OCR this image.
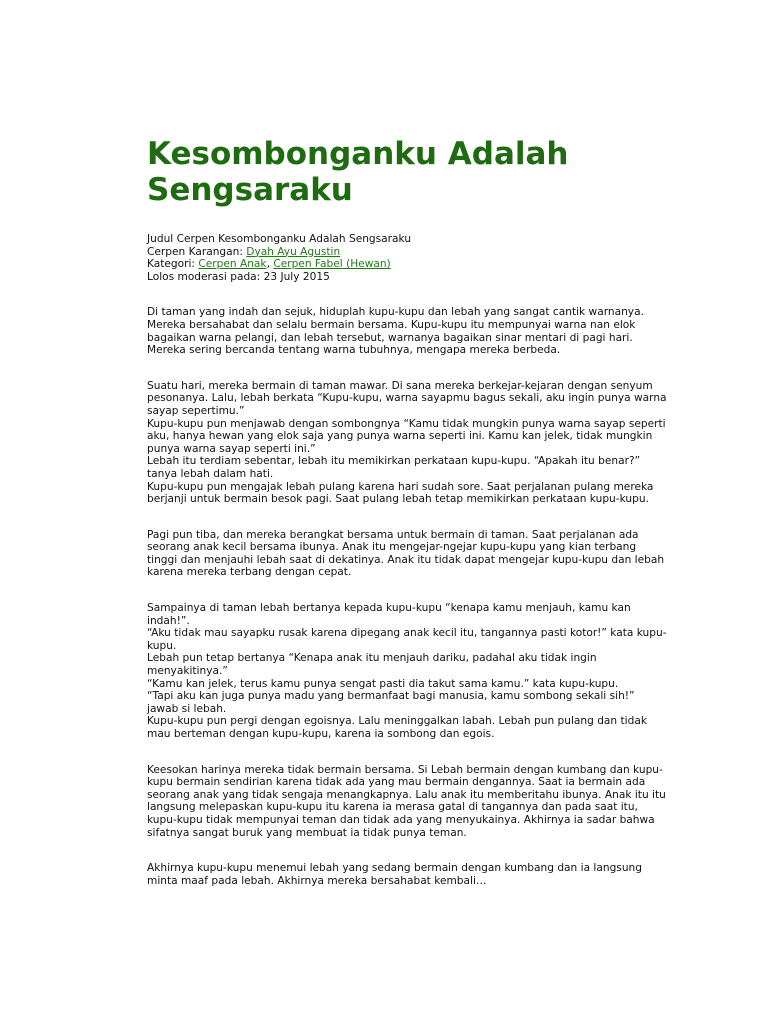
Kesombonganku Adalah Sengsaraku
Judul Cerpen Kesombonganku Adalah Sengsaraku
Cerpen Karangan: Dyah Ayu Agustin
Kategori: Cerpen Anak, Cerpen Fabel (Hewan)
Lolos moderasi pada: 23 July 2015

Di taman yang indah dan sejuk, hiduplah kupu-kupu dan lebah yang sangat cantik warnanya. Mereka bersahabat dan selalu bermain bersama. Kupu-kupu itu mempunyai warna nan elok bagaikan warna pelangi, dan lebah tersebut, warnanya bagaikan sinar mentari di pagi hari. Mereka sering bercanda tentang warna tubuhnya, mengapa mereka berbeda.

Suatu hari, mereka bermain di taman mawar. Di sana mereka berkejar-kejaran dengan senyum pesonanya. Lalu, lebah berkata “Kupu-kupu, warna sayapmu bagus sekali, aku ingin punya warna sayap sepertimu.”
Kupu-kupu pun menjawab dengan sombongnya “Kamu tidak mungkin punya warna sayap seperti aku, hanya hewan yang elok saja yang punya warna seperti ini. Kamu kan jelek, tidak mungkin punya warna sayap seperti ini.”
Lebah itu terdiam sebentar, lebah itu memikirkan perkataan kupu-kupu. “Apakah itu benar?” tanya lebah dalam hati.
Kupu-kupu pun mengajak lebah pulang karena hari sudah sore. Saat perjalanan pulang mereka berjanji untuk bermain besok pagi. Saat pulang lebah tetap memikirkan perkataan kupu-kupu.

Pagi pun tiba, dan mereka berangkat bersama untuk bermain di taman. Saat perjalanan ada seorang anak kecil bersama ibunya. Anak itu mengejar-ngejar kupu-kupu yang kian terbang tinggi dan menjauhi lebah saat di dekatinya. Anak itu tidak dapat mengejar kupu-kupu dan lebah karena mereka terbang dengan cepat.

Sampainya di taman lebah bertanya kepada kupu-kupu “kenapa kamu menjauh, kamu kan indah!”.
“Aku tidak mau sayapku rusak karena dipegang anak kecil itu, tangannya pasti kotor!” kata kupu-kupu.
Lebah pun tetap bertanya “Kenapa anak itu menjauh dariku, padahal aku tidak ingin menyakitinya.”
“Kamu kan jelek, terus kamu punya sengat pasti dia takut sama kamu.” kata kupu-kupu.
“Tapi aku kan juga punya madu yang bermanfaat bagi manusia, kamu sombong sekali sih!” jawab si lebah.
Kupu-kupu pun pergi dengan egoisnya. Lalu meninggalkan labah. Lebah pun pulang dan tidak mau berteman dengan kupu-kupu, karena ia sombong dan egois.

Keesokan harinya mereka tidak bermain bersama. Si Lebah bermain dengan kumbang dan kupu-kupu bermain sendirian karena tidak ada yang mau bermain dengannya. Saat ia bermain ada seorang anak yang tidak sengaja menangkapnya. Lalu anak itu memberitahu ibunya. Anak itu itu langsung melepaskan kupu-kupu itu karena ia merasa gatal di tangannya dan pada saat itu, kupu-kupu tidak mempunyai teman dan tidak ada yang menyukainya. Akhirnya ia sadar bahwa sifatnya sangat buruk yang membuat ia tidak punya teman.

Akhirnya kupu-kupu menemui lebah yang sedang bermain dengan kumbang dan ia langsung minta maaf pada lebah. Akhirnya mereka bersahabat kembali…
